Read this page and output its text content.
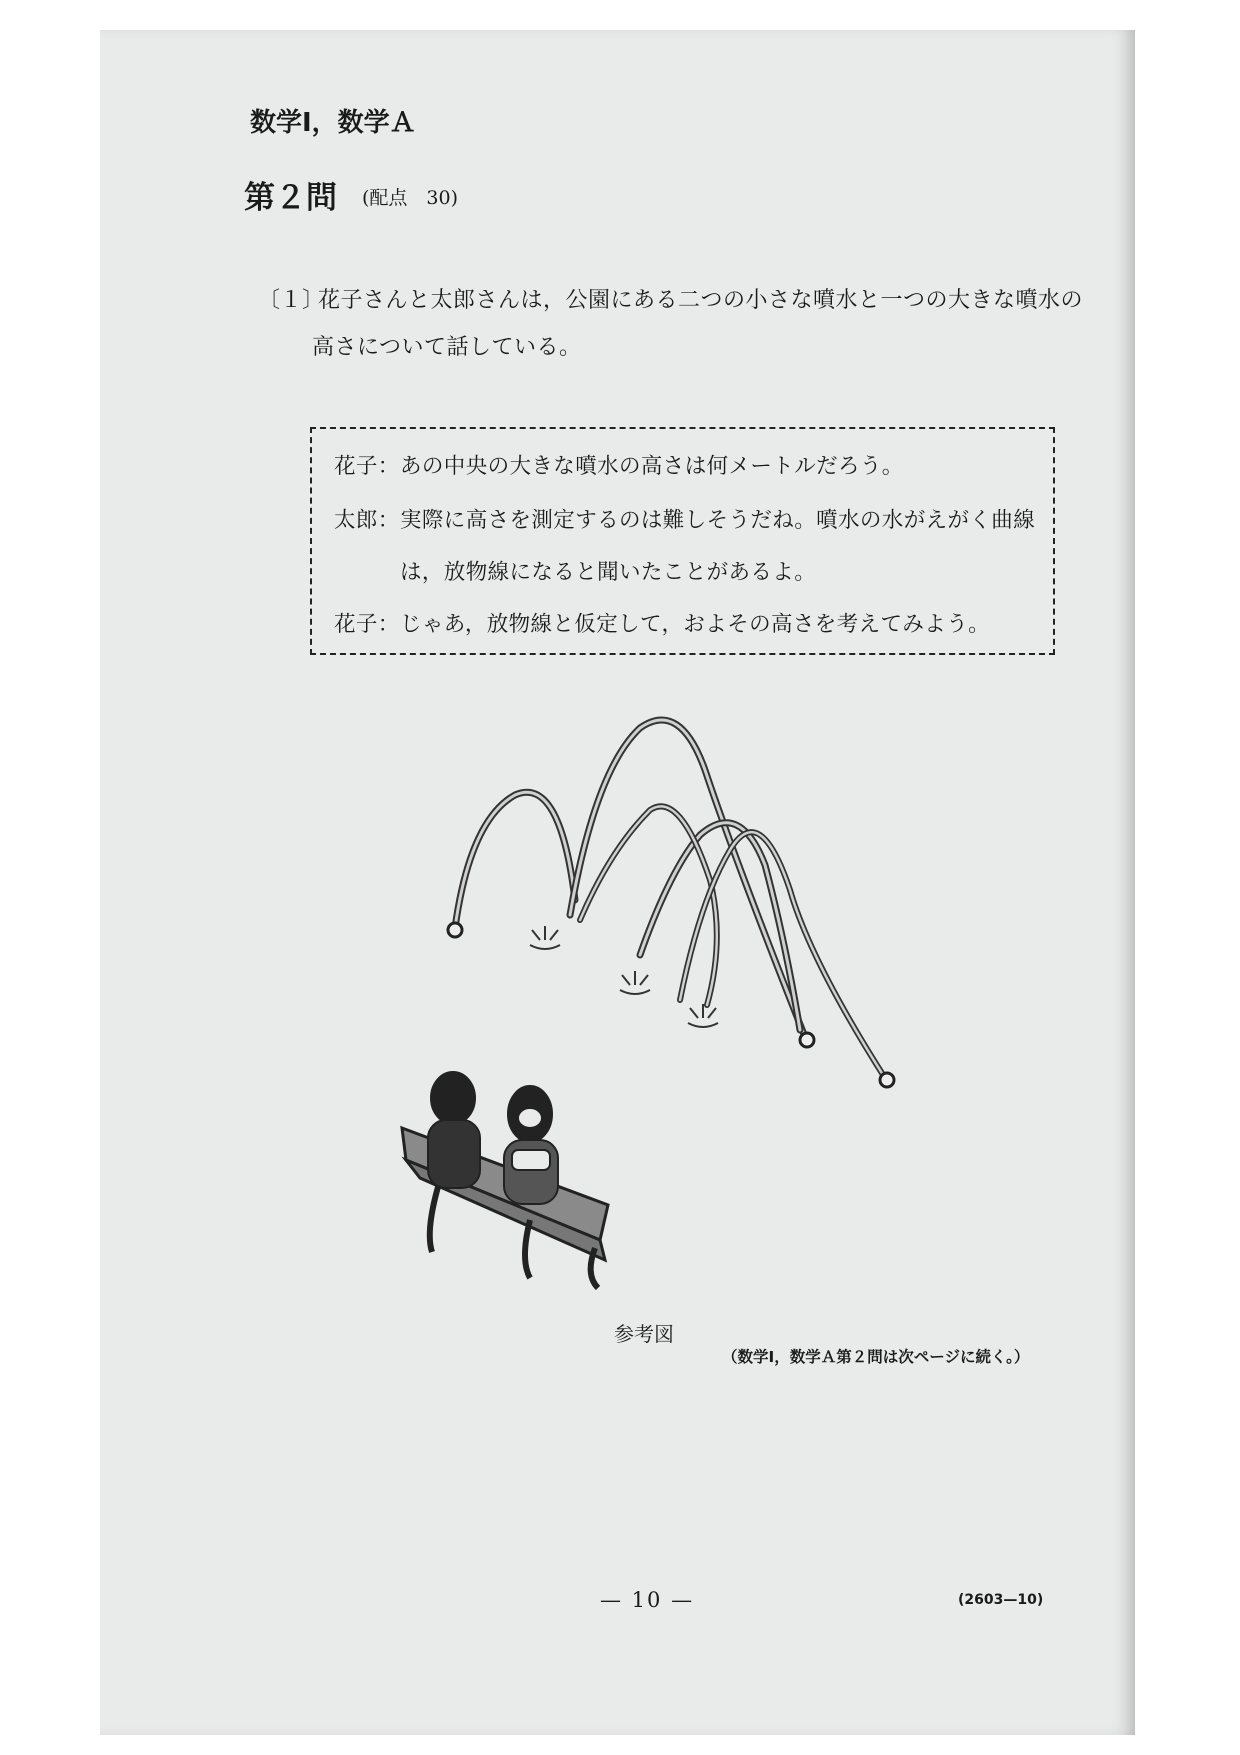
数学Ⅰ，数学Ａ
第２問 (配点　30)
〔１〕
花子さんと太郎さんは，公園にある二つの小さな噴水と一つの大きな噴水の
高さについて話している。
花子：あの中央の大きな噴水の高さは何メートルだろう。
太郎：実際に高さを測定するのは難しそうだね。噴水の水がえがく曲線
は，放物線になると聞いたことがあるよ。
花子：じゃあ，放物線と仮定して，およその高さを考えてみよう。
参考図
（数学Ⅰ，数学Ａ第２問は次ページに続く。）
— 10 —	(2603—10)
